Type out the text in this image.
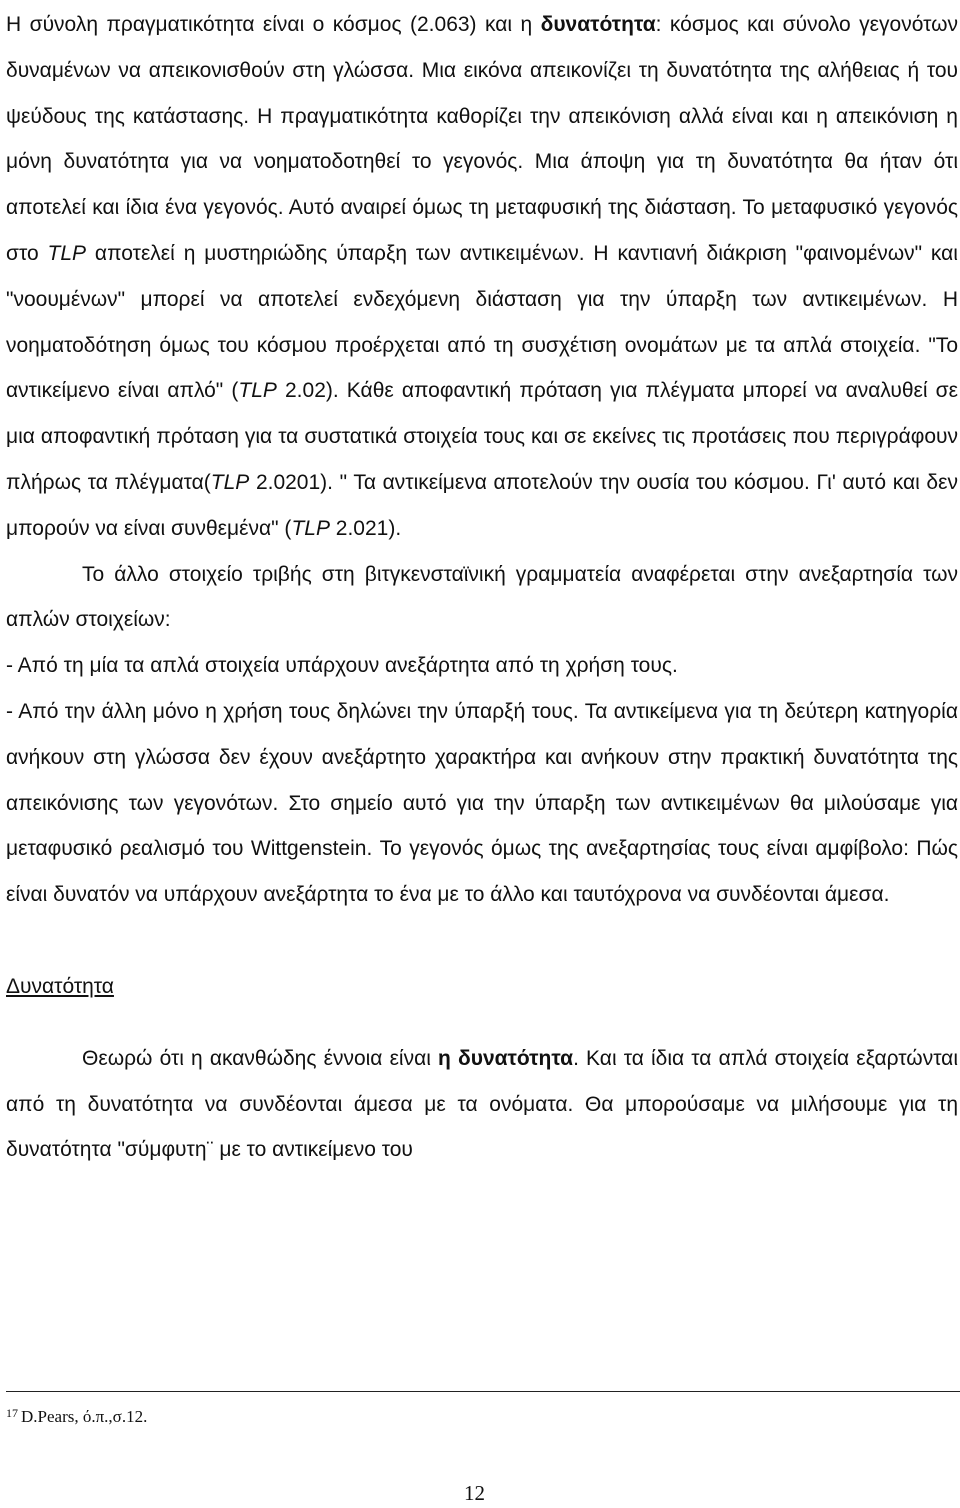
Η σύνολη πραγματικότητα είναι ο κόσμος (2.063) και η δυνατότητα: κόσμος και σύνολο γεγονότων δυναμένων να απεικονισθούν στη γλώσσα. Μια εικόνα απεικονίζει τη δυνατότητα της αλήθειας ή του ψεύδους της κατάστασης. Η πραγματικότητα καθορίζει την απεικόνιση αλλά είναι και η απεικόνιση η μόνη δυνατότητα για να νοηματοδοτηθεί το γεγονός. Μια άποψη για τη δυνατότητα θα ήταν ότι αποτελεί και ίδια ένα γεγονός. Αυτό αναιρεί όμως τη μεταφυσική της διάσταση. Το μεταφυσικό γεγονός στο TLP αποτελεί η μυστηριώδης ύπαρξη των αντικειμένων. Η καντιανή διάκριση "φαινομένων" και "νοουμένων" μπορεί να αποτελεί ενδεχόμενη διάσταση για την ύπαρξη των αντικειμένων. Η νοηματοδότηση όμως του κόσμου προέρχεται από τη συσχέτιση ονομάτων με τα απλά στοιχεία. "Το αντικείμενο είναι απλό" (TLP 2.02). Κάθε αποφαντική πρόταση για πλέγματα μπορεί να αναλυθεί σε μια αποφαντική πρόταση για τα συστατικά στοιχεία τους και σε εκείνες τις προτάσεις που περιγράφουν πλήρως τα πλέγματα(TLP 2.0201). " Τα αντικείμενα αποτελούν την ουσία του κόσμου. Γι' αυτό και δεν μπορούν να είναι συνθεμένα" (TLP 2.021).

Το άλλο στοιχείο τριβής στη βιτγκενσταϊνική γραμματεία αναφέρεται στην ανεξαρτησία των απλών στοιχείων:

- Από τη μία τα απλά στοιχεία υπάρχουν ανεξάρτητα από τη χρήση τους.

- Από την άλλη μόνο η χρήση τους δηλώνει την ύπαρξή τους. Τα αντικείμενα για τη δεύτερη κατηγορία ανήκουν στη γλώσσα δεν έχουν ανεξάρτητο χαρακτήρα και ανήκουν στην πρακτική δυνατότητα της απεικόνισης των γεγονότων. Στο σημείο αυτό για την ύπαρξη των αντικειμένων θα μιλούσαμε για μεταφυσικό ρεαλισμό του Wittgenstein. Το γεγονός όμως της ανεξαρτησίας τους είναι αμφίβολο: Πώς είναι δυνατόν να υπάρχουν ανεξάρτητα το ένα με το άλλο και ταυτόχρονα να συνδέονται άμεσα.

Δυνατότητα

Θεωρώ ότι η ακανθώδης έννοια είναι η δυνατότητα. Και τα ίδια τα απλά στοιχεία εξαρτώνται από τη δυνατότητα να συνδέονται άμεσα με τα ονόματα. Θα μπορούσαμε να μιλήσουμε για τη δυνατότητα "σύμφυτη¨ με το αντικείμενο του

$^{17}$ D.Pears, ό.π.,σ.12.
12
